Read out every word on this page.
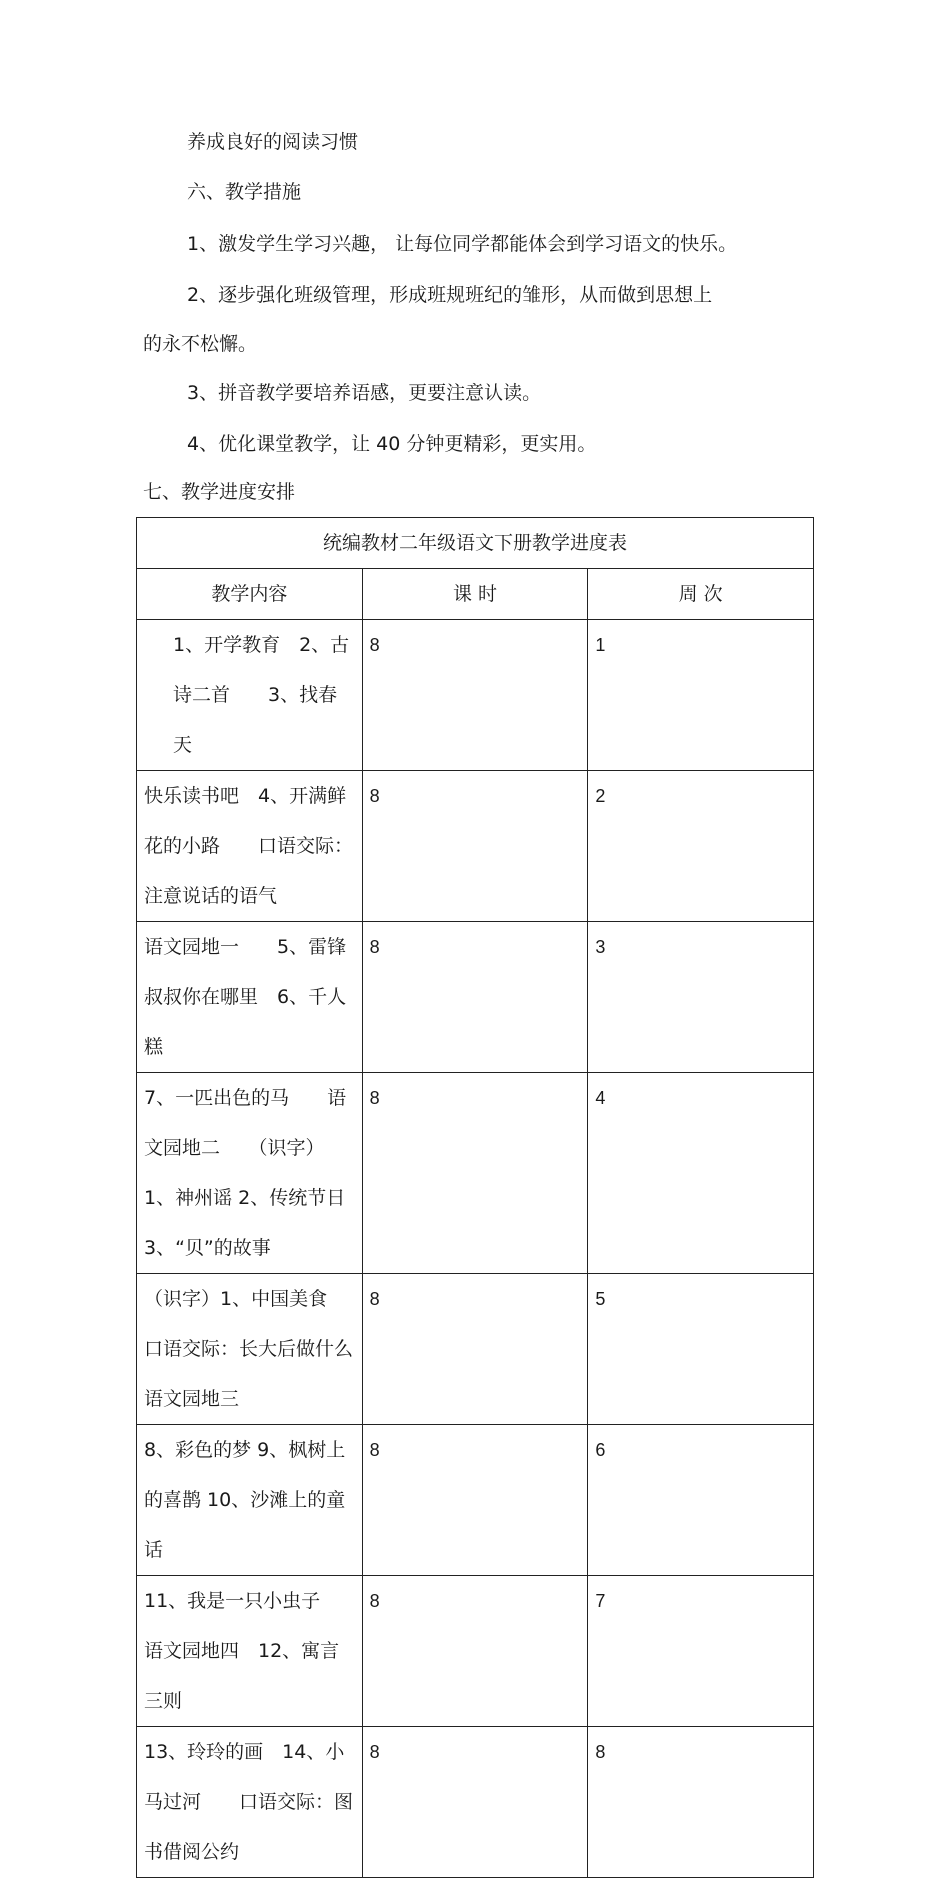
养成良好的阅读习惯
六、教学措施
1、激发学生学习兴趣， 让每位同学都能体会到学习语文的快乐。
2、逐步强化班级管理，形成班规班纪的雏形，从而做到思想上
的永不松懈。
3、拼音教学要培养语感，更要注意认读。
4、优化课堂教学，让 40 分钟更精彩，更实用。
七、教学进度安排
统编教材二年级语文下册教学进度表		
教学内容	课 时	周 次
1、开学教育　2、古诗二首　　3、找春天	8	1
快乐读书吧　4、开满鲜花的小路　　口语交际：注意说话的语气	8	2
语文园地一　　5、雷锋叔叔你在哪里　6、千人糕	8	3
7、一匹出色的马　　语文园地二　　（识字）1、神州谣 2、传统节日 3、“贝”的故事	8	4
（识字）1、中国美食　口语交际：长大后做什么语文园地三	8	5
8、彩色的梦 9、枫树上的喜鹊 10、沙滩上的童话	8	6
11、我是一只小虫子　　语文园地四　12、寓言三则	8	7
13、玲玲的画　14、小马过河　　口语交际：图书借阅公约	8	8
